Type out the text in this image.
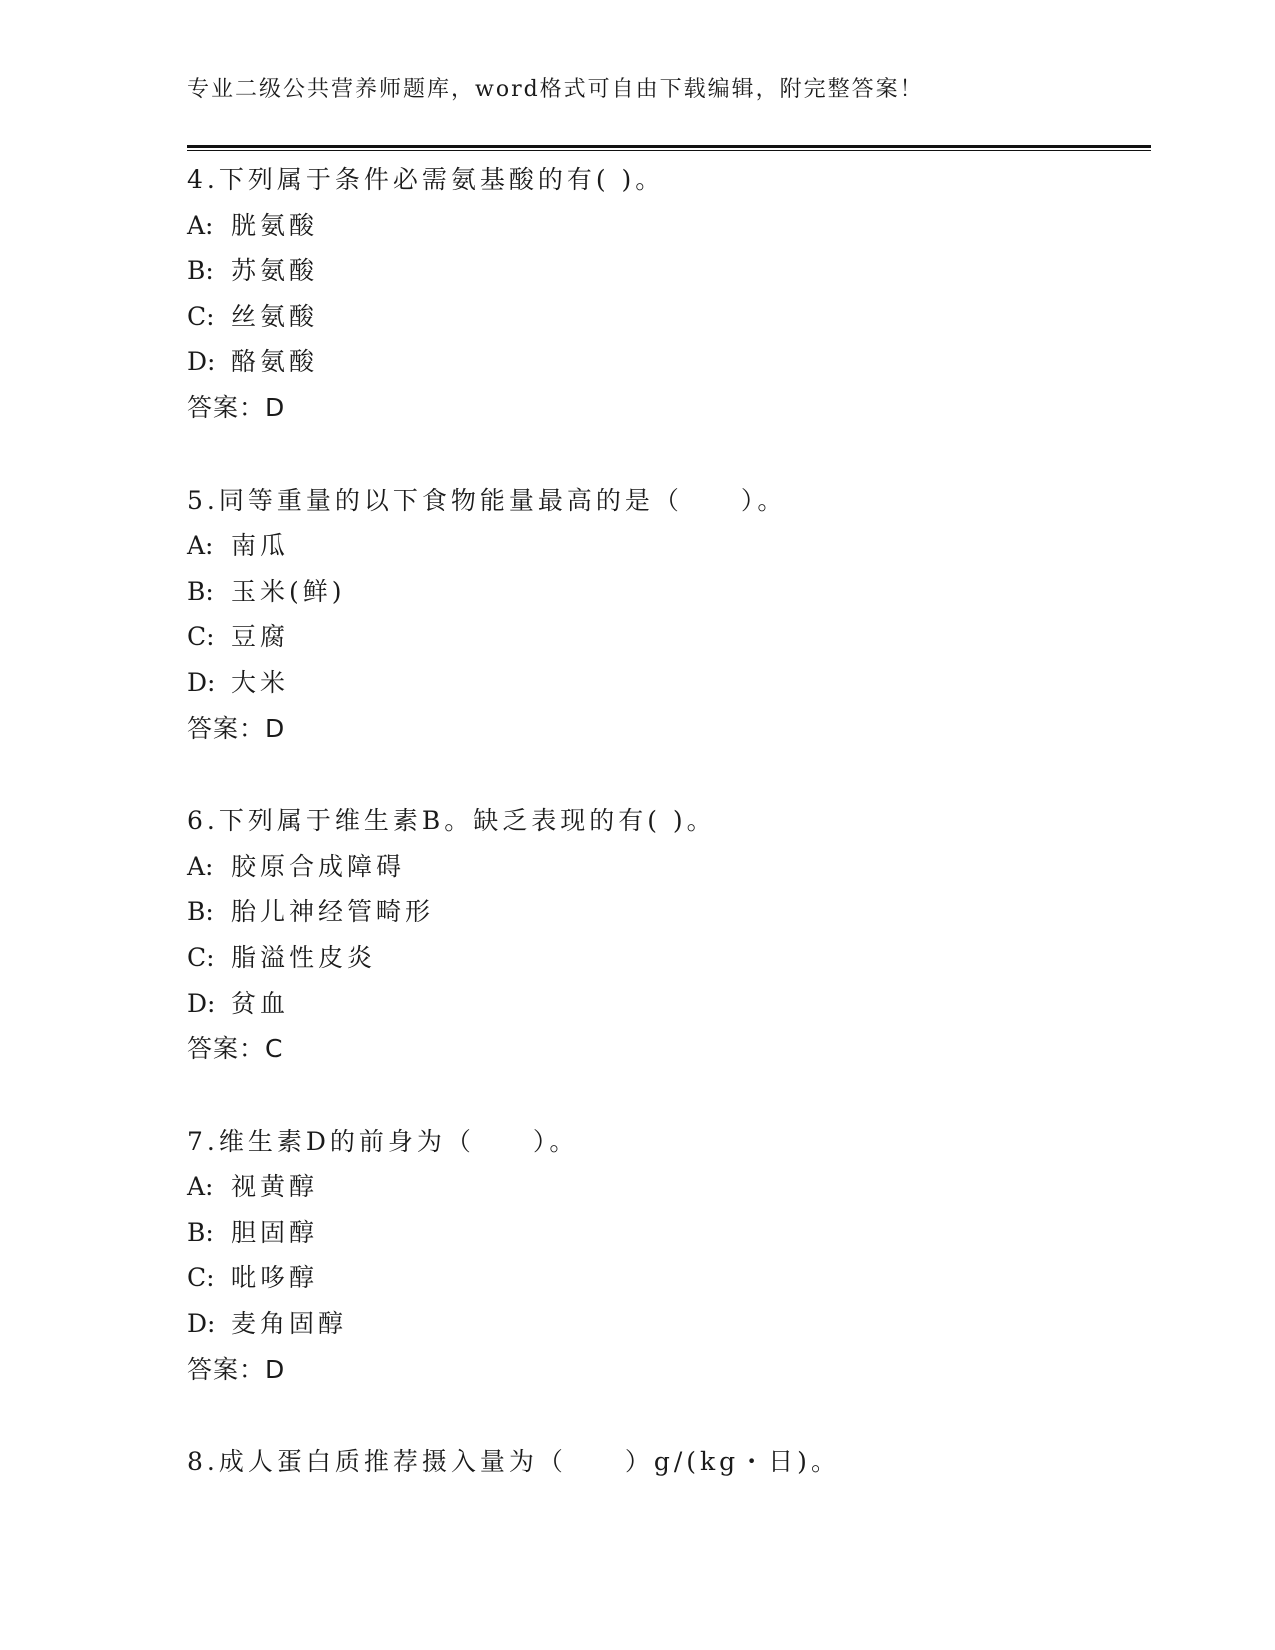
专业二级公共营养师题库，word格式可自由下载编辑，附完整答案！
4.下列属于条件必需氨基酸的有( )。
A: 胱氨酸
B: 苏氨酸
C: 丝氨酸
D: 酪氨酸
答案：D
5.同等重量的以下食物能量最高的是（　　）。
A: 南瓜
B: 玉米(鲜)
C: 豆腐
D: 大米
答案：D
6.下列属于维生素B。缺乏表现的有( )。
A: 胶原合成障碍
B: 胎儿神经管畸形
C: 脂溢性皮炎
D: 贫血
答案：C
7.维生素D的前身为（　　）。
A: 视黄醇
B: 胆固醇
C: 吡哆醇
D: 麦角固醇
答案：D
8.成人蛋白质推荐摄入量为（　　）g/(kg・日)。
